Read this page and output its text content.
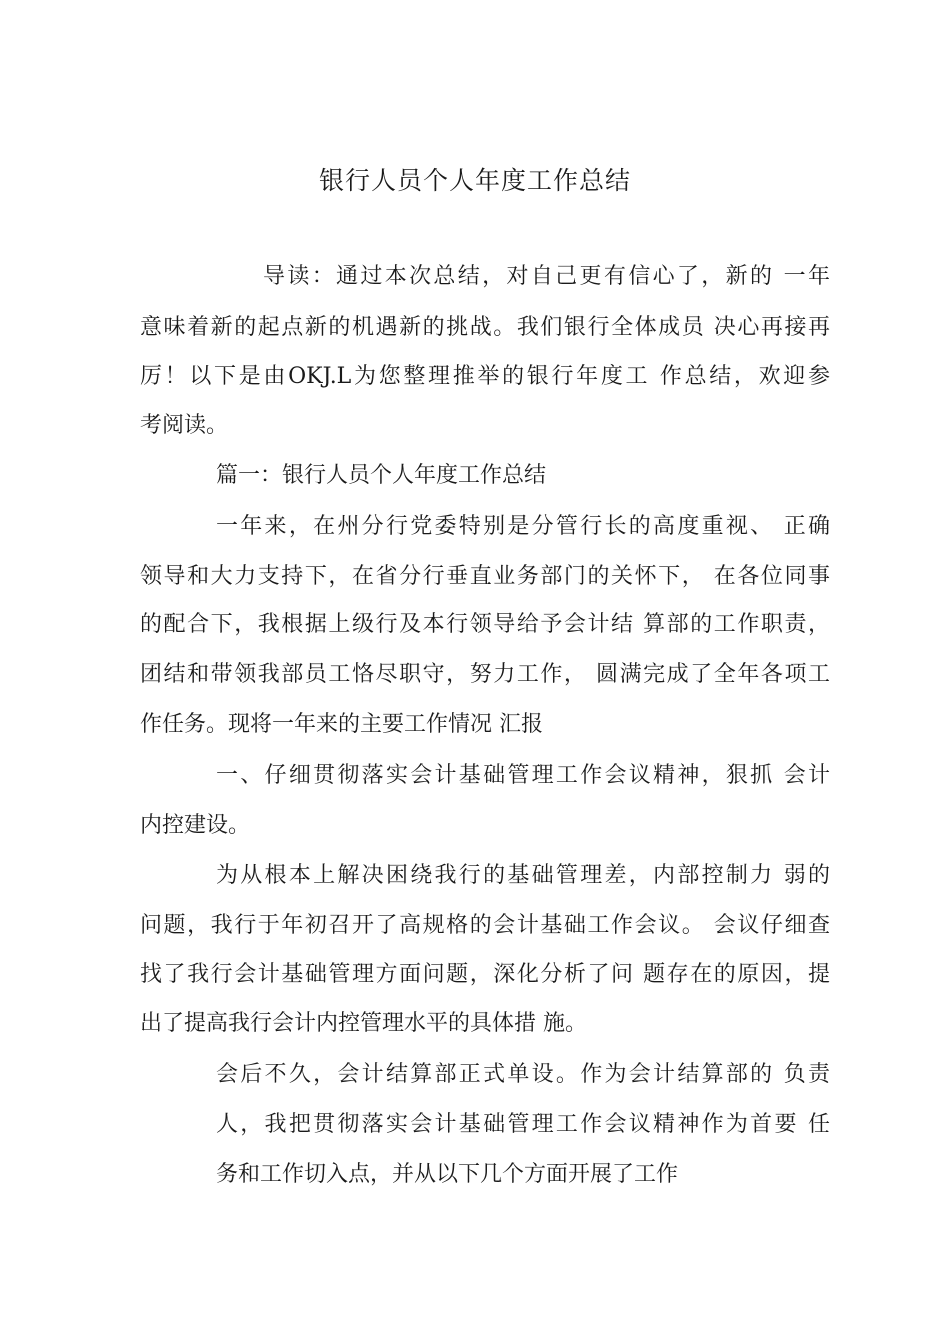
银行人员个人年度工作总结
导读：通过本次总结，对自己更有信心了，新的 一年
意味着新的起点新的机遇新的挑战。我们银行全体成员 决心再接再
厉！以下是由OKJ.L为您整理推举的银行年度工 作总结，欢迎参
考阅读。
篇一：银行人员个人年度工作总结
一年来，在州分行党委特别是分管行长的高度重视、 正确
领导和大力支持下，在省分行垂直业务部门的关怀下， 在各位同事
的配合下，我根据上级行及本行领导给予会计结 算部的工作职责，
团结和带领我部员工恪尽职守，努力工作， 圆满完成了全年各项工
作任务。现将一年来的主要工作情况 汇报
一、仔细贯彻落实会计基础管理工作会议精神，狠抓 会计
内控建设。
为从根本上解决困绕我行的基础管理差，内部控制力 弱的
问题，我行于年初召开了高规格的会计基础工作会议。 会议仔细查
找了我行会计基础管理方面问题，深化分析了问 题存在的原因，提
出了提高我行会计内控管理水平的具体措 施。
会后不久，会计结算部正式单设。作为会计结算部的 负责
人，我把贯彻落实会计基础管理工作会议精神作为首要 任
务和工作切入点，并从以下几个方面开展了工作
